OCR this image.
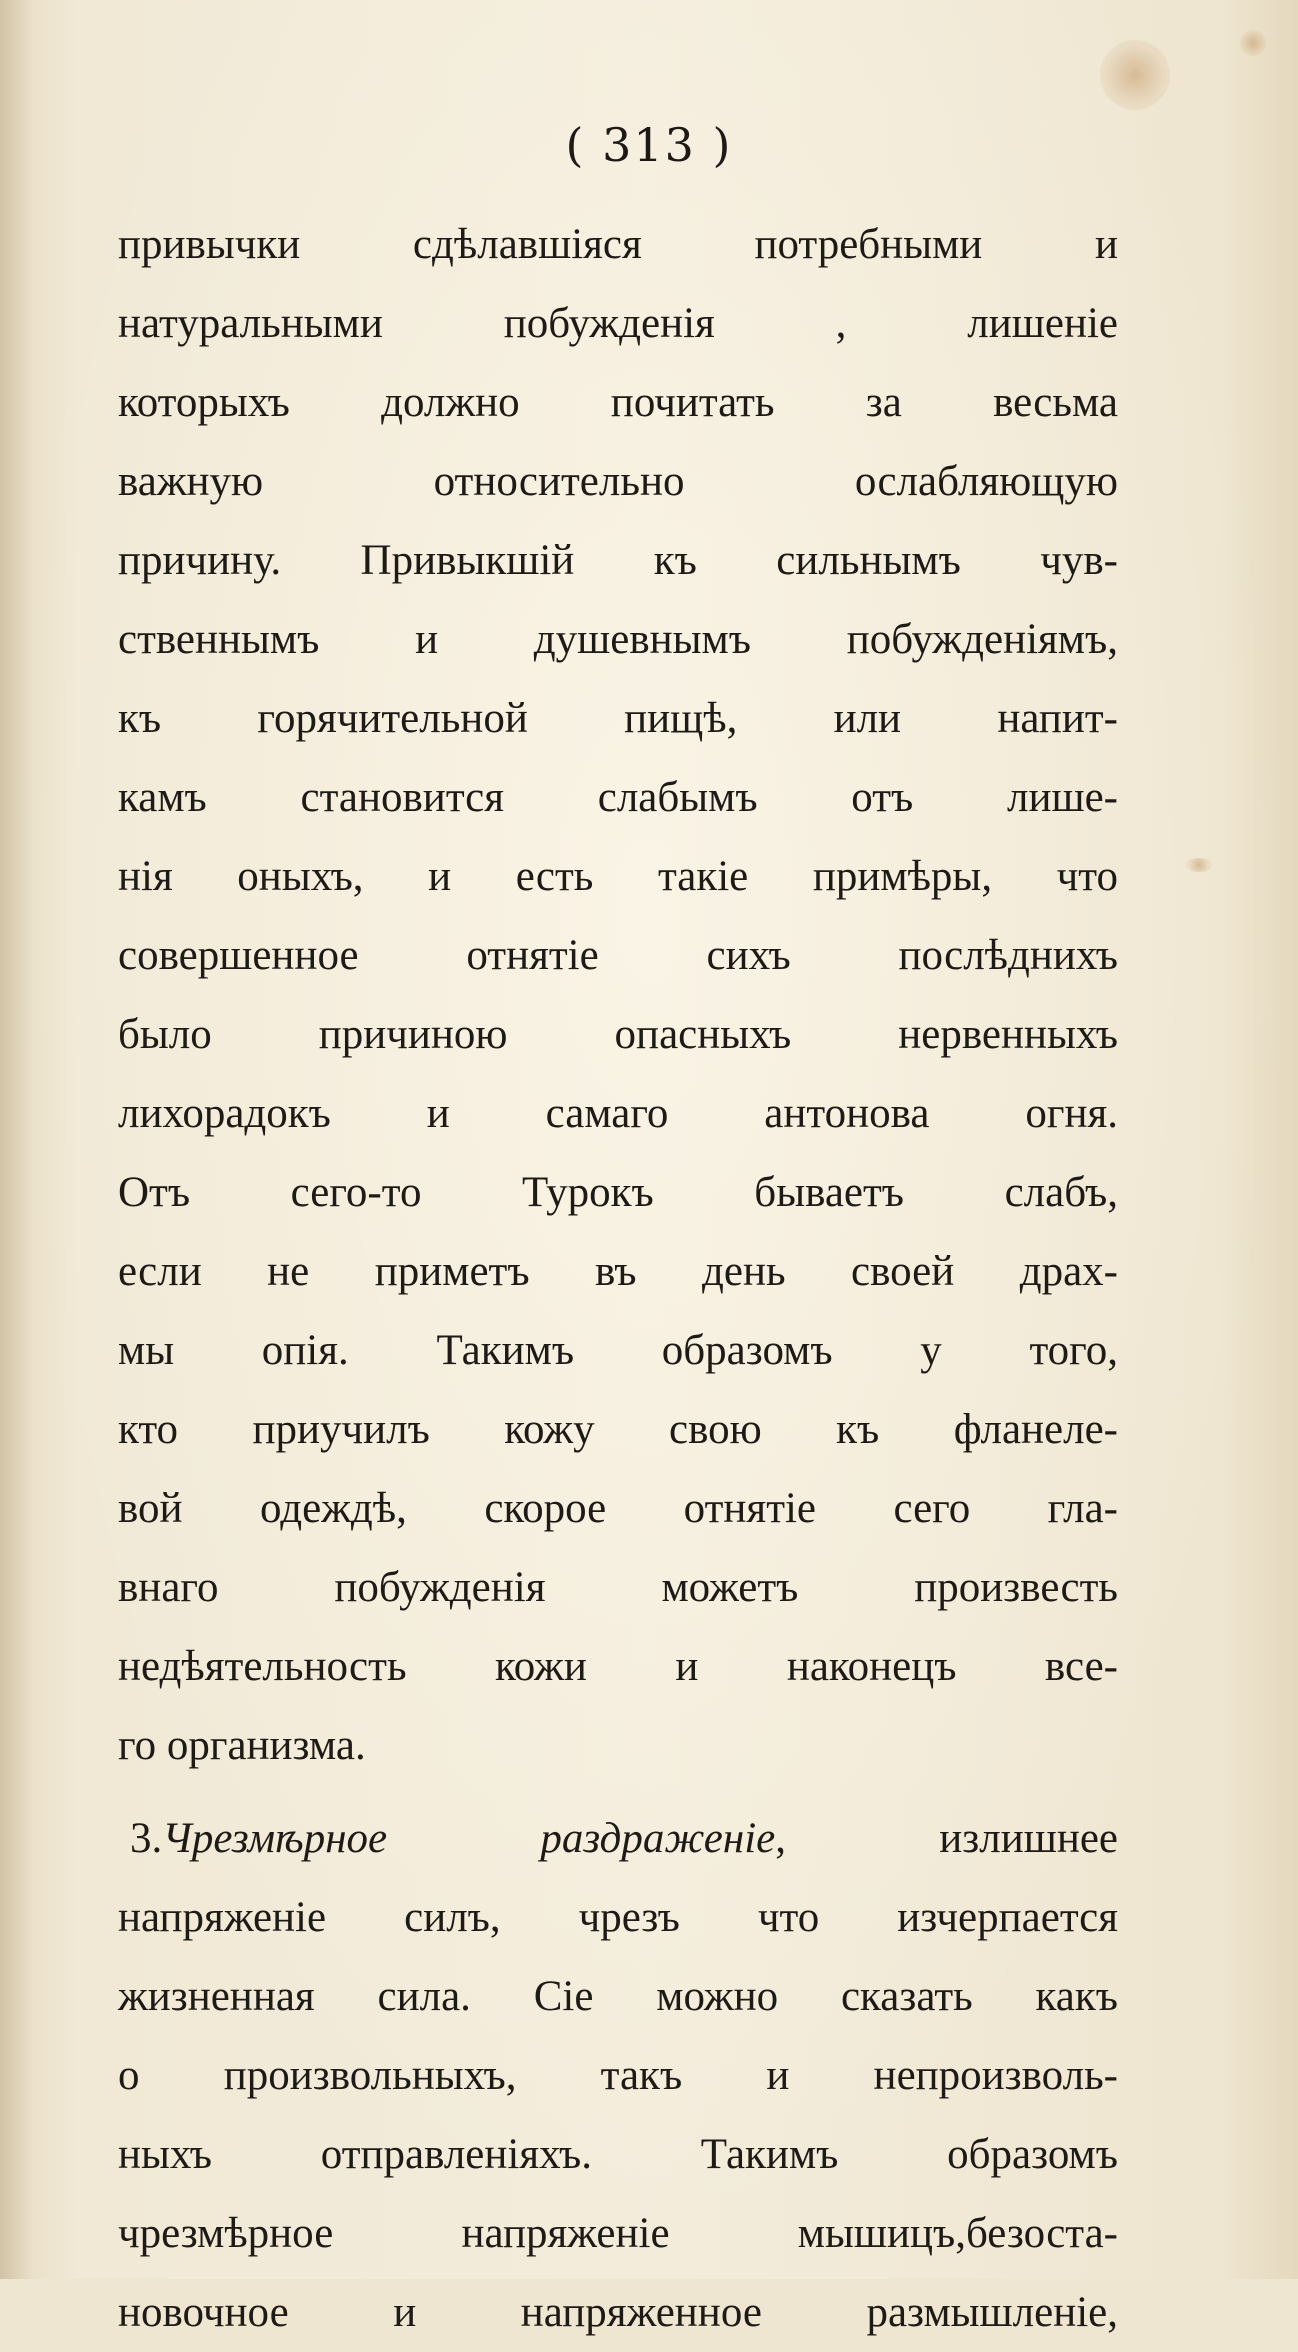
( 313 )
привычки сдѣлавшіяся потребными и
натуральными побужденія , лишеніе
которыхъ должно почитать за весьма
важную относительно ослабляющую
причину. Привыкшій къ сильнымъ чув-
ственнымъ и душевнымъ побужденіямъ,
къ горячительной пищѣ, или напит-
камъ становится слабымъ отъ лише-
нія оныхъ, и есть такіе примѣры, что
совершенное отнятіе сихъ послѣднихъ
было причиною опасныхъ нервенныхъ
лихорадокъ и самаго антонова огня.
Отъ сего-то Турокъ бываетъ слабъ,
если не приметъ въ день своей драх-
мы опія. Такимъ образомъ у того,
кто приучилъ кожу свою къ фланеле-
вой одеждѣ, скорое отнятіе сего гла-
внаго побужденія можетъ произвесть
недѣятельность кожи и наконецъ все-
го организма.
3.Чрезмѣрное раздраженіе, излишнее
напряженіе силъ, чрезъ что изчерпается
жизненная сила. Сіе можно сказать какъ
о произвольныхъ, такъ и непроизволь-
ныхъ отправленіяхъ. Такимъ образомъ
чрезмѣрное напряженіе мышицъ,безоста-
новочное и напряженное размышленіе,
